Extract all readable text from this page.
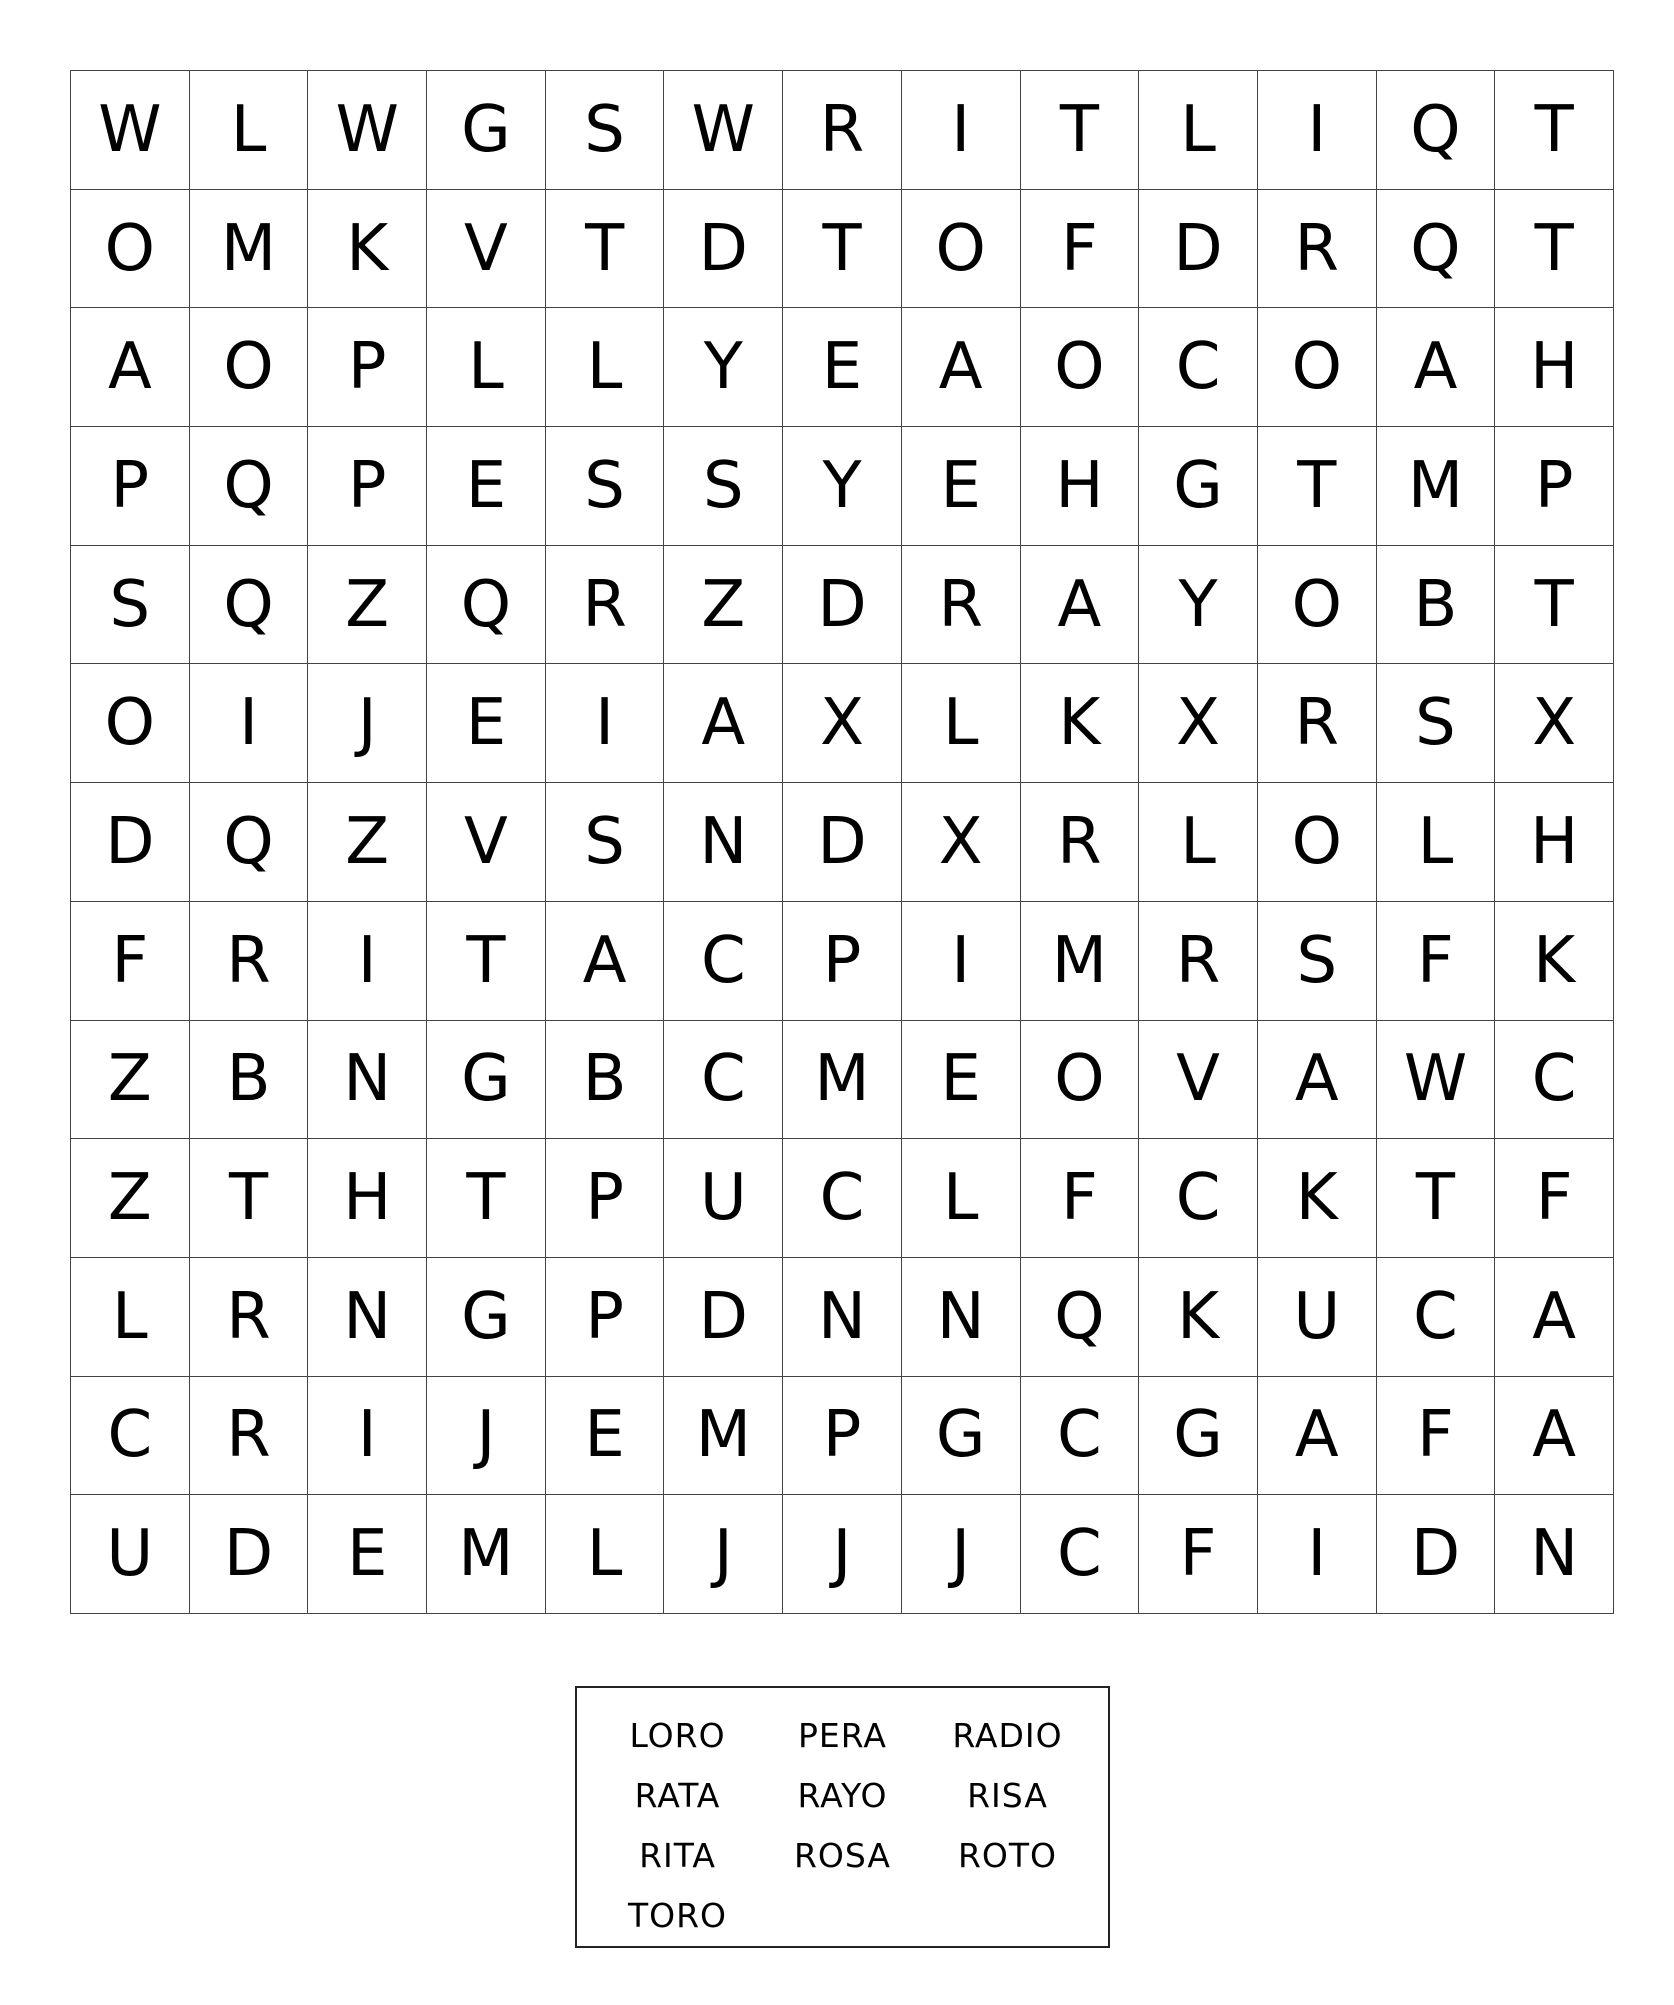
W	L	W G	S	W	R	I	T	L	I	Q	T
O	M	K	V	T	D	T	O	F	D	R	Q	T
A	O	P	L	L	Y	E	A	O	C	O	A	H
P	Q	P	E	S	S	Y	E	H	G	T	M	P
S	Q	Z	Q	R	Z	D	R	A	Y	O	B	T
O	I	J	E	I	A	X	L	K	X	R	S	X
D	Q	Z	V	S	N	D	X	R	L	O	L	H
F	R	I	T	A	C	P	I	M	R	S	F	K
Z	B	N	G	B	C	M	E	O	V	A	W	C
Z	T	H	T	P	U	C	L	F	C	K	T	F
L	R	N	G	P	D	N	N	Q	K	U	C	A
C	R	I	J	E	M	P	G	C	G	A	F	A
U	D	E	M	L	J	J	J	C	F	I	D	N
LORO	PERA	RADIO
RATA	RAYO	RISA
RITA	ROSA	ROTO
TORO
